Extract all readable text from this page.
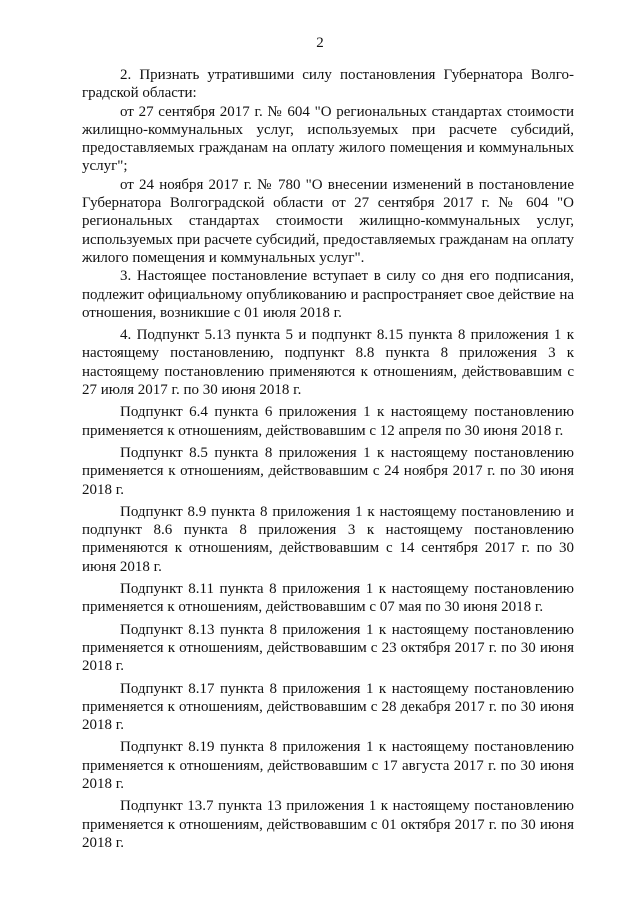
2

2. Признать утратившими силу постановления Губернатора Волгоградской области:

от 27 сентября 2017 г. № 604 "О региональных стандартах стоимости жилищно-коммунальных услуг, используемых при расчете субсидий, предоставляемых гражданам на оплату жилого помещения и коммунальных услуг";

от 24 ноября 2017 г. № 780 "О внесении изменений в постановление Губернатора Волгоградской области от 27 сентября 2017 г. № 604 "О региональных стандартах стоимости жилищно-коммунальных услуг, используемых при расчете субсидий, предоставляемых гражданам на оплату жилого помещения и коммунальных услуг".

3. Настоящее постановление вступает в силу со дня его подписания, подлежит официальному опубликованию и распространяет свое действие на отношения, возникшие с 01 июля 2018 г.

4. Подпункт 5.13 пункта 5 и подпункт 8.15 пункта 8 приложения 1 к настоящему постановлению, подпункт 8.8 пункта 8 приложения 3 к настоящему постановлению применяются к отношениям, действовавшим с 27 июля 2017 г. по 30 июня 2018 г.

Подпункт 6.4 пункта 6 приложения 1 к настоящему постановлению применяется к отношениям, действовавшим с 12 апреля по 30 июня 2018 г.

Подпункт 8.5 пункта 8 приложения 1 к настоящему постановлению применяется к отношениям, действовавшим с 24 ноября 2017 г. по 30 июня 2018 г.

Подпункт 8.9 пункта 8 приложения 1 к настоящему постановлению и подпункт 8.6 пункта 8 приложения 3 к настоящему постановлению применяются к отношениям, действовавшим с 14 сентября 2017 г. по 30 июня 2018 г.

Подпункт 8.11 пункта 8 приложения 1 к настоящему постановлению применяется к отношениям, действовавшим с 07 мая по 30 июня 2018 г.

Подпункт 8.13 пункта 8 приложения 1 к настоящему постановлению применяется к отношениям, действовавшим с 23 октября 2017 г. по 30 июня 2018 г.

Подпункт 8.17 пункта 8 приложения 1 к настоящему постановлению применяется к отношениям, действовавшим с 28 декабря 2017 г. по 30 июня 2018 г.

Подпункт 8.19 пункта 8 приложения 1 к настоящему постановлению применяется к отношениям, действовавшим с 17 августа 2017 г. по 30 июня 2018 г.

Подпункт 13.7 пункта 13 приложения 1 к настоящему постановлению применяется к отношениям, действовавшим с 01 октября 2017 г. по 30 июня 2018 г.
